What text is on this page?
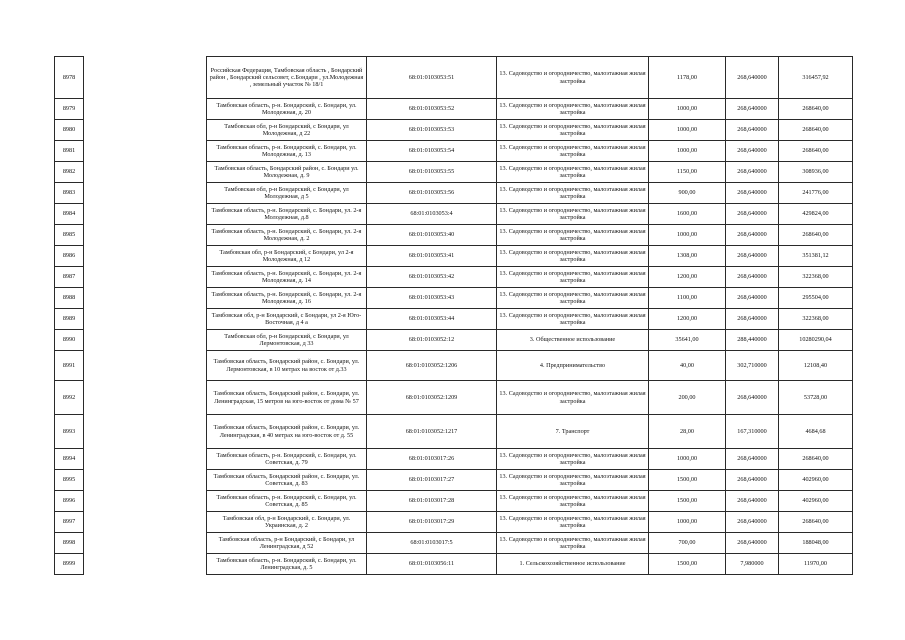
8978		Российская Федерация, Тамбовская область , Бондарский район , Бондарский сельсовет, с.Бондари , ул.Молодежная , земельный участок № 18/1	68:01:0103053:51	13. Садоводство и огородничество, малоэтажная жилая застройка	1178,00	268,640000	316457,92
8979		Тамбовская область, р-н. Бондарский, с. Бондари, ул. Молодежная, д. 20	68:01:0103053:52	13. Садоводство и огородничество, малоэтажная жилая застройка	1000,00	268,640000	268640,00
8980		Тамбовская обл, р-н Бондарский, с Бондари, ул Молодежная, д 22	68:01:0103053:53	13. Садоводство и огородничество, малоэтажная жилая застройка	1000,00	268,640000	268640,00
8981		Тамбовская область, р-н. Бондарский, с. Бондари, ул. Молодежная, д. 13	68:01:0103053:54	13. Садоводство и огородничество, малоэтажная жилая застройка	1000,00	268,640000	268640,00
8982		Тамбовская область, Бондарский район, с. Бондари ул. Молодежная, д. 9	68:01:0103053:55	13. Садоводство и огородничество, малоэтажная жилая застройка	1150,00	268,640000	308936,00
8983		Тамбовская обл, р-н Бондарский, с Бондари, ул Молодежная, д 5	68:01:0103053:56	13. Садоводство и огородничество, малоэтажная жилая застройка	900,00	268,640000	241776,00
8984		Тамбовская область, р-н. Бондарский, с. Бондари, ул. 2-я Молодежная, д.8	68:01:0103053:4	13. Садоводство и огородничество, малоэтажная жилая застройка	1600,00	268,640000	429824,00
8985		Тамбовская область, р-н. Бондарский, с. Бондари, ул. 2-я Молодежная, д. 2	68:01:0103053:40	13. Садоводство и огородничество, малоэтажная жилая застройка	1000,00	268,640000	268640,00
8986		Тамбовская обл, р-н Бондарский, с Бондари, ул 2-я Молодежная, д 12	68:01:0103053:41	13. Садоводство и огородничество, малоэтажная жилая застройка	1308,00	268,640000	351381,12
8987		Тамбовская область, р-н. Бондарский, с. Бондари, ул. 2-я Молодежная, д. 14	68:01:0103053:42	13. Садоводство и огородничество, малоэтажная жилая застройка	1200,00	268,640000	322368,00
8988		Тамбовская область, р-н. Бондарский, с. Бондари, ул. 2-я Молодежная, д. 16	68:01:0103053:43	13. Садоводство и огородничество, малоэтажная жилая застройка	1100,00	268,640000	295504,00
8989		Тамбовская обл, р-н Бондарский, с Бондари, ул 2-я Юго-Восточная, д 4 а	68:01:0103053:44	13. Садоводство и огородничество, малоэтажная жилая застройка	1200,00	268,640000	322368,00
8990		Тамбовская обл, р-н Бондарский, с Бондари, ул Лермонтовская, д 33	68:01:0103052:12	3. Общественное использование	35641,00	288,440000	10280290,04
8991		Тамбовская область, Бондарский район, с. Бондари, ул. Лермонтовская, в 10 метрах на восток от д.33	68:01:0103052:1206	4. Предпринимательство	40,00	302,710000	12108,40
8992		Тамбовская область, Бондарский район, с. Бондари, ул. Ленинградская, 15 метров на юго-восток от дома № 57	68:01:0103052:1209	13. Садоводство и огородничество, малоэтажная жилая застройка	200,00	268,640000	53728,00
8993		Тамбовская область, Бондарский район, с. Бондари, ул. Ленинградская, в 40 метрах на юго-восток от д. 55	68:01:0103052:1217	7. Транспорт	28,00	167,310000	4684,68
8994		Тамбовская область, р-н. Бондарский, с. Бондари, ул. Советская, д. 79	68:01:0103017:26	13. Садоводство и огородничество, малоэтажная жилая застройка	1000,00	268,640000	268640,00
8995		Тамбовская область, Бондарский район, с. Бондари, ул. Советская, д. 83	68:01:0103017:27	13. Садоводство и огородничество, малоэтажная жилая застройка	1500,00	268,640000	402960,00
8996		Тамбовская область, р-н. Бондарский, с. Бондари, ул. Советская, д. 85	68:01:0103017:28	13. Садоводство и огородничество, малоэтажная жилая застройка	1500,00	268,640000	402960,00
8997		Тамбовская обл, р-н Бондарский, с. Бондари, ул. Украинская, д. 2	68:01:0103017:29	13. Садоводство и огородничество, малоэтажная жилая застройка	1000,00	268,640000	268640,00
8998		Тамбовская область, р-н Бондарский, с Бондари, ул Ленинградская, д 52	68:01:0103017:5	13. Садоводство и огородничество, малоэтажная жилая застройка	700,00	268,640000	188048,00
8999		Тамбовская область, р-н. Бондарский, с. Бондари, ул. Ленинградская, д. 5	68:01:0103056:11	1. Сельскохозяйственное использование	1500,00	7,980000	11970,00
